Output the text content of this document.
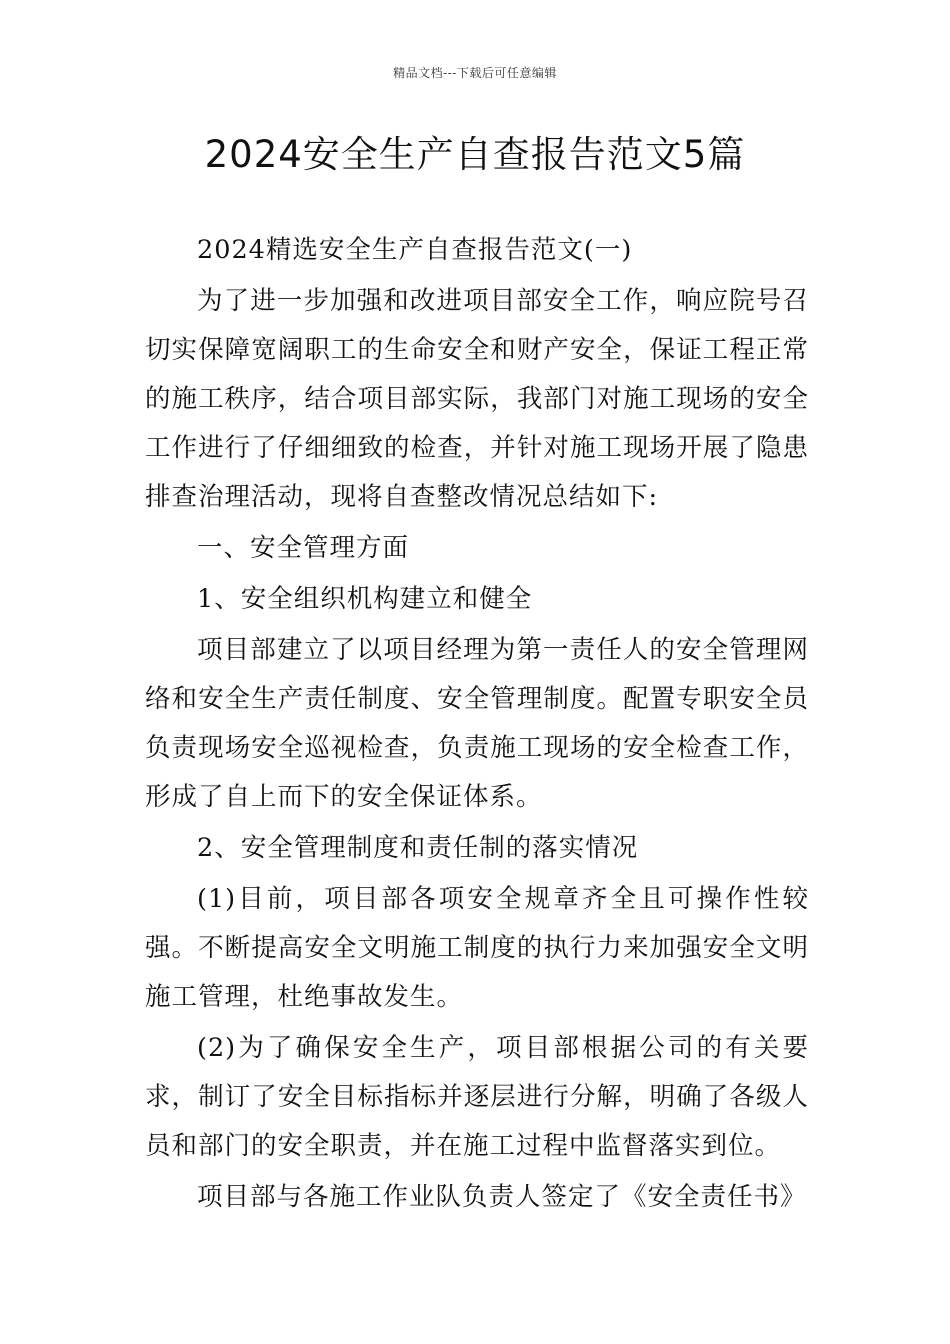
精品文档---下载后可任意编辑
2024安全生产自查报告范文5篇

2024精选安全生产自查报告范文(一)

为了进一步加强和改进项目部安全工作，响应院号召切实保障宽阔职工的生命安全和财产安全，保证工程正常的施工秩序，结合项目部实际，我部门对施工现场的安全工作进行了仔细细致的检查，并针对施工现场开展了隐患排查治理活动，现将自查整改情况总结如下:

一、安全管理方面

1、安全组织机构建立和健全

项目部建立了以项目经理为第一责任人的安全管理网络和安全生产责任制度、安全管理制度。配置专职安全员负责现场安全巡视检查，负责施工现场的安全检查工作，形成了自上而下的安全保证体系。

2、安全管理制度和责任制的落实情况

(1)目前，项目部各项安全规章齐全且可操作性较强。不断提高安全文明施工制度的执行力来加强安全文明施工管理，杜绝事故发生。

(2)为了确保安全生产，项目部根据公司的有关要求，制订了安全目标指标并逐层进行分解，明确了各级人员和部门的安全职责，并在施工过程中监督落实到位。

项目部与各施工作业队负责人签定了《安全责任书》
